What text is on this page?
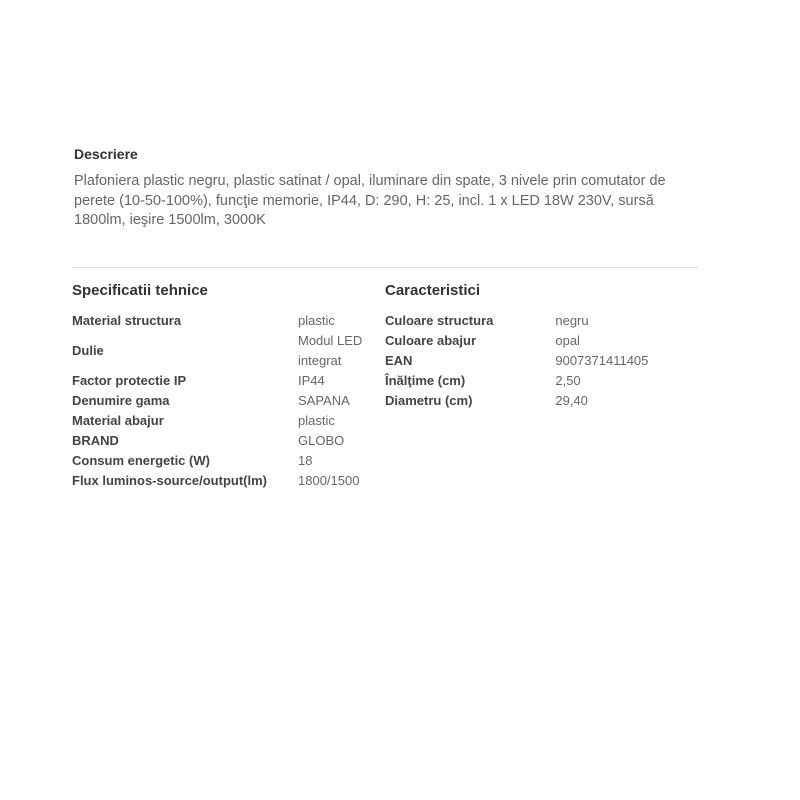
Descriere

Plafoniera plastic negru, plastic satinat / opal, iluminare din spate, 3 nivele prin comutator de perete (10-50-100%), funcţie memorie, IP44, D: 290, H: 25, incl. 1 x LED 18W 230V, sursă 1800lm, ieşire 1500lm, 3000K

Specificatii tehnice
Material structura	plastic
Dulie	Modul LED integrat
Factor protectie IP	IP44
Denumire gama	SAPANA
Material abajur	plastic
BRAND	GLOBO
Consum energetic (W)	18
Flux luminos-source/output(lm)	1800/1500
Caracteristici
Culoare structura	negru
Culoare abajur	opal
EAN	9007371411405
Înălţime (cm)	2,50
Diametru (cm)	29,40
